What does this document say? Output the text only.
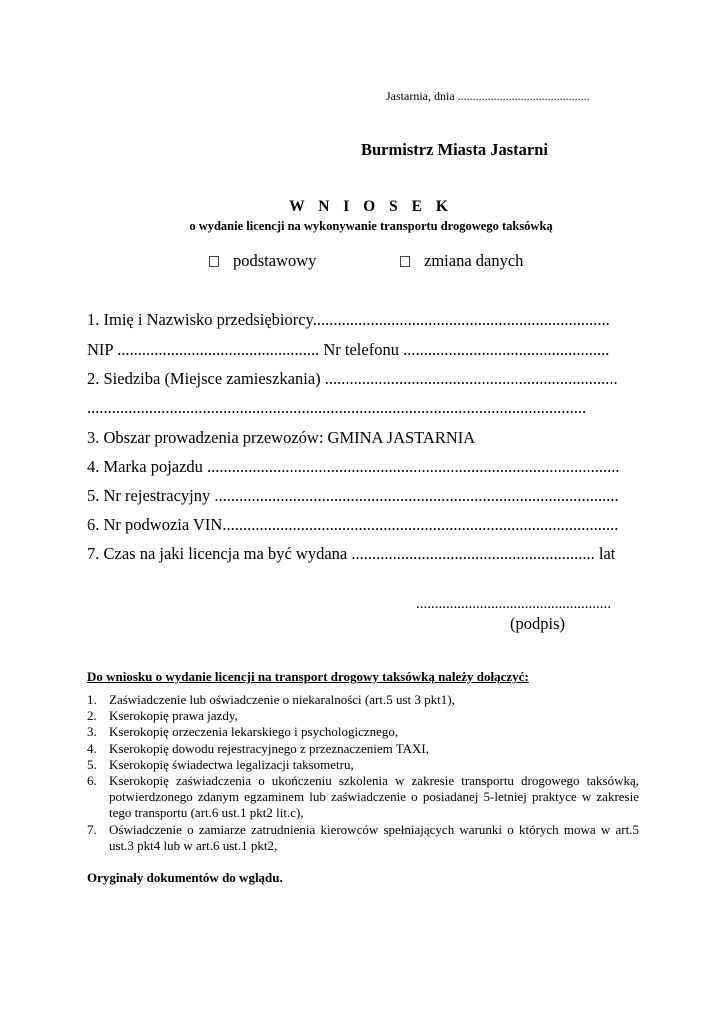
Jastarnia, dnia ............................................
Burmistrz Miasta Jastarni
W N I O S E K
o wydanie licencji na wykonywanie transportu drogowego taksówką
podstawowy	zmiana danych
1. Imię i Nazwisko przedsiębiorcy........................................................................
NIP ................................................. Nr telefonu ..................................................
2. Siedziba (Miejsce zamieszkania) .......................................................................
.........................................................................................................................
3. Obszar prowadzenia przewozów: GMINA JASTARNIA
4. Marka pojazdu ....................................................................................................
5. Nr rejestracyjny ..................................................................................................
6. Nr podwozia VIN................................................................................................
7. Czas na jaki licencja ma być wydana ........................................................... lat
....................................................
(podpis)
Do wniosku o wydanie licencji na transport drogowy taksówką należy dołączyć:
1. Zaświadczenie lub oświadczenie o niekaralności (art.5 ust 3 pkt1),
2. Kserokopię prawa jazdy,
3. Kserokopię orzeczenia lekarskiego i psychologicznego,
4. Kserokopię dowodu rejestracyjnego z przeznaczeniem TAXI,
5. Kserokopię świadectwa legalizacji taksometru,
6. Kserokopię zaświadczenia o ukończeniu szkolenia w zakresie transportu drogowego taksówką, potwierdzonego zdanym egzaminem lub zaświadczenie o posiadanej 5-letniej praktyce w zakresie tego transportu (art.6 ust.1 pkt2 lit.c),
7. Oświadczenie o zamiarze zatrudnienia kierowców spełniających warunki o których mowa w art.5 ust.3 pkt4 lub w art.6 ust.1 pkt2,
Oryginały dokumentów do wglądu.
